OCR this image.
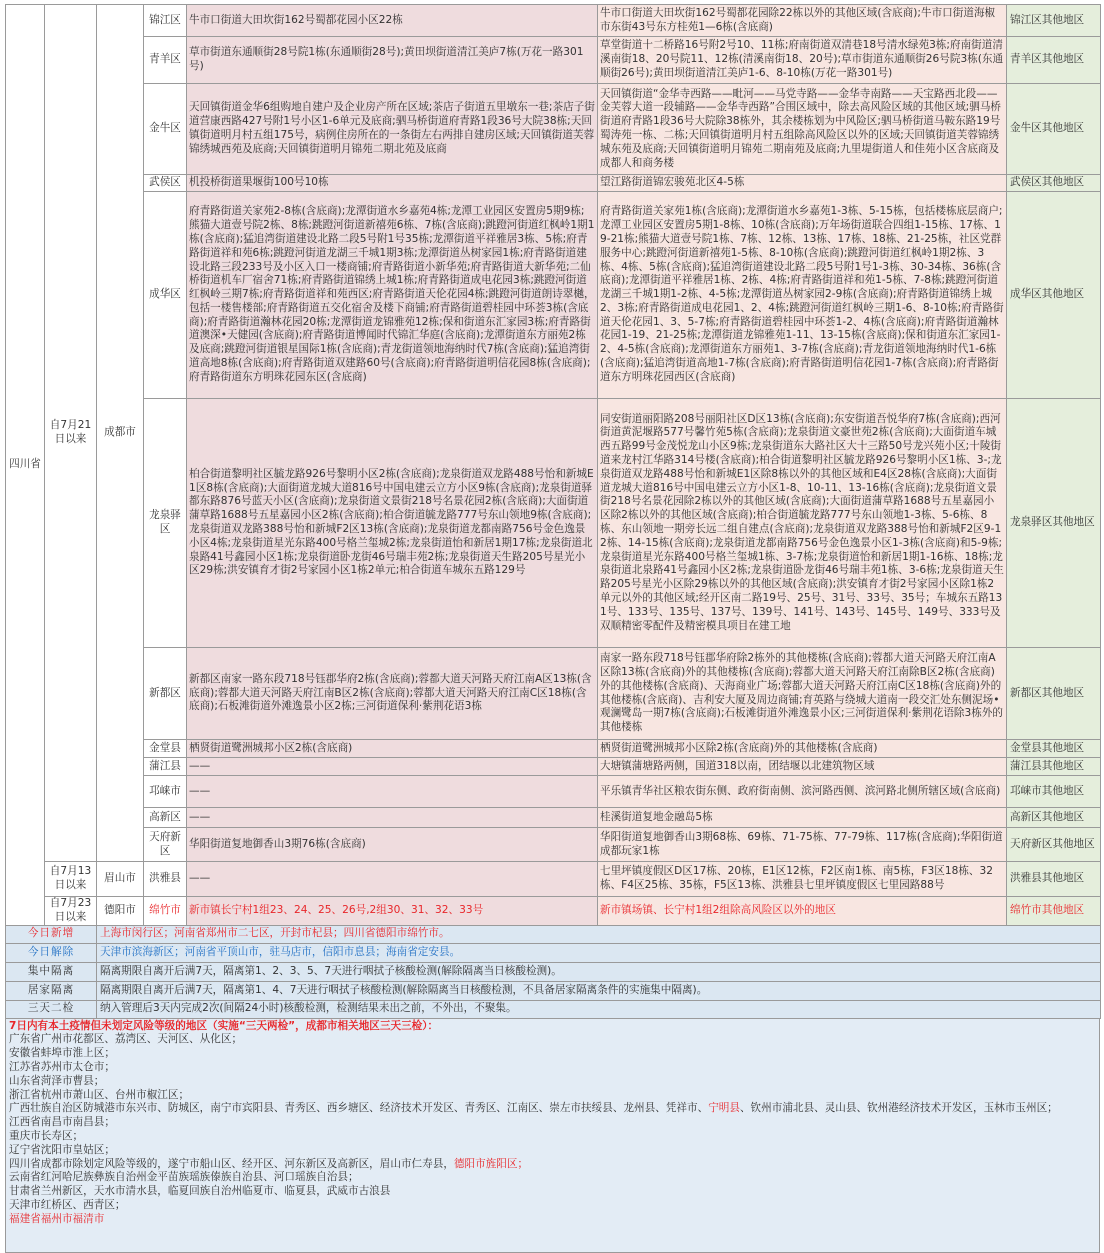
四川省	自7月21日以来	成都市	锦江区	牛市口街道大田坎街162号蜀都花园小区22栋	牛市口街道大田坎街162号蜀都花园除22栋以外的其他区域(含底商);牛市口街道海椒市东街43号东方桂苑1—6栋(含底商)	锦江区其他地区
			青羊区	草市街道东通顺街28号院1栋(东通顺街28号);黄田坝街道清江美庐7栋(万花一路301号)	草堂街道十二桥路16号附2号10、11栋;府南街道双清巷18号清水绿苑3栋;府南街道清溪南街18、20号院11、12栋(清溪南街18、20号);草市街道东通顺街26号院3栋(东通顺街26号);黄田坝街道清江美庐1-6、8-10栋(万花一路301号)	青羊区其他地区
			金牛区	天回镇街道金华6组购地自建户及企业房产所在区域;茶店子街道五里墩东一巷;茶店子街道营康西路427号附1号小区1-6单元及底商;驷马桥街道府青路1段36号大院38栋;天回镇街道明月村五组175号，病例住房所在的一条街左右两排自建房区域;天回镇街道芙蓉锦绣城西苑及底商;天回镇街道明月锦苑二期北苑及底商	天回镇街道“金华寺西路——毗河——马党寺路——金华寺南路——天宝路西北段——金芙蓉大道一段辅路——金华寺西路”合围区域中，除去高风险区域的其他区域;驷马桥街道府青路1段36号大院除38栋外，其余楼栋划为中风险区;驷马桥街道马鞍东路19号蜀涛苑一栋、二栋;天回镇街道明月村五组除高风险区以外的区域;天回镇街道芙蓉锦绣城东苑及底商;天回镇街道明月锦苑二期南苑及底商;九里堤街道人和佳苑小区含底商及成都人和商务楼	金牛区其他地区
			武侯区	机投桥街道果堰街100号10栋	望江路街道锦宏骏苑北区4-5栋	武侯区其他地区
成华区	府青路街道关家苑2-8栋(含底商);龙潭街道水乡嘉苑4栋;龙潭工业园区安置房5期9栋;熊猫大道壹号院2栋、8栋;跳蹬河街道新禧苑6栋、7栋(含底商);跳蹬河街道红枫岭1期1栋(含底商);猛追湾街道建设北路二段5号附1号35栋;龙潭街道平祥雅居3栋、5栋;府青路街道祥和苑6栋;跳蹬河街道龙湖三千城1期3栋;龙潭街道丛树家园1栋;府青路街道建设北路三段233号及小区入口一楼商铺;府青路街道小新华苑;府青路街道大新华苑;二仙桥街道机车厂宿舍71栋;府青路街道锦绣上城1栋;府青路街道成电花园3栋;跳蹬河街道红枫岭三期7栋;府青路街道祥和苑西区;府青路街道天伦花园4栋;跳蹬河街道朗诗翠樾，包括一楼售楼部;府青路街道五交化宿舍及楼下商铺;府青路街道碧桂园中环荟3栋(含底商);府青路街道瀚林花园20栋;龙潭街道龙锦雅苑12栋;保和街道东汇家园3栋;府青路街道澳深•天健园(含底商);府青路街道博闻时代锦汇华庭(含底商);龙潭街道东方丽苑2栋及底商;跳蹬河街道银星国际1栋(含底商);青龙街道领地海纳时代7栋(含底商);猛追湾街道高地8栋(含底商);府青路街道双建路60号(含底商);府青路街道明信花园8栋(含底商);府青路街道东方明珠花园东区(含底商)	府青路街道关家苑1栋(含底商);龙潭街道水乡嘉苑1-3栋、5-15栋，包括楼栋底层商户;龙潭工业园区安置房5期1-8栋、10栋(含底商);万年场街道联合四组1-15栋、17栋、19-21栋;熊猫大道壹号院1栋、7栋、12栋、13栋、17栋、18栋、21-25栋，社区党群服务中心;跳蹬河街道新禧苑1-5栋、8-10栋(含底商);跳蹬河街道红枫岭1期2栋、3栋、4栋、5栋(含底商);猛追湾街道建设北路二段5号附1号1-3栋、30-34栋、36栋(含底商);龙潭街道平祥雅居1栋、2栋、4栋;府青路街道祥和苑1-5栋、7-8栋;跳蹬河街道龙湖三千城1期1-2栋、4-5栋;龙潭街道丛树家园2-9栋(含底商);府青路街道锦绣上城2、3栋;府青路街道成电花园1、2、4栋;跳蹬河街道红枫岭三期1-6、8-10栋;府青路街道天伦花园1、3、5-7栋;府青路街道碧桂园中环荟1-2、4栋(含底商);府青路街道瀚林花园1-19、21-25栋;龙潭街道龙锦雅苑1-11、13-15栋(含底商);保和街道东汇家园1-2、4-5栋(含底商);龙潭街道东方丽苑1、3-7栋(含底商);青龙街道领地海纳时代1-6栋(含底商);猛追湾街道高地1-7栋(含底商);府青路街道明信花园1-7栋(含底商);府青路街道东方明珠花园西区(含底商)	成华区其他地区
龙泉驿区	柏合街道黎明社区毓龙路926号黎明小区2栋(含底商);龙泉街道双龙路488号怡和新城E1区8栋(含底商);大面街道龙城大道816号中国电建云立方小区9栋(含底商);龙泉街道驿都东路876号蓝天小区(含底商);龙泉街道文景街218号名景花园2栋(含底商);大面街道蒲草路1688号五星嘉园小区2栋(含底商);柏合街道毓龙路777号东山领地9栋(含底商);龙泉街道双龙路388号怡和新城F2区13栋(含底商);龙泉街道龙都南路756号金色逸景小区4栋;龙泉街道星光东路400号格兰玺城2栋;龙泉街道怡和新居1期17栋;龙泉街道北泉路41号鑫园小区1栋;龙泉街道卧龙街46号瑞丰苑2栋;龙泉街道天生路205号星光小区29栋;洪安镇育才街2号家园小区1栋2单元;柏合街道车城东五路129号	同安街道丽阳路208号丽阳社区D区13栋(含底商);东安街道吾悦华府7栋(含底商);西河街道黄泥堰路577号馨竹苑5栋(含底商);龙泉街道文豪世苑2栋(含底商);大面街道车城西五路99号金茂悦龙山小区9栋;龙泉街道东大路社区大十三路50号龙兴苑小区;十陵街道来龙村江华路314号楼(含底商);柏合街道黎明社区毓龙路926号黎明小区1栋、3-;龙泉街道双龙路488号怡和新城E1区除8栋以外的其他区域和E4区28栋(含底商);大面街道龙城大道816号中国电建云立方小区1-8、10-11、13-16栋(含底商);龙泉街道文景街218号名景花园除2栋以外的其他区域(含底商);大面街道蒲草路1688号五星嘉园小区除2栋以外的其他区域(含底商);柏合街道毓龙路777号东山领地1-3栋、5-6栋、8栋、东山领地一期旁长远二组自建点(含底商);龙泉街道双龙路388号怡和新城F2区9-12栋、14-15栋(含底商);龙泉街道龙都南路756号金色逸景小区1-3栋(含底商)和5-9栋;龙泉街道星光东路400号格兰玺城1栋、3-7栋;龙泉街道怡和新居1期1-16栋、18栋;龙泉街道北泉路41号鑫园小区2栋;龙泉街道卧龙街46号瑞丰苑1栋、3-6栋;龙泉街道天生路205号星光小区除29栋以外的其他区域(含底商);洪安镇育才街2号家园小区除1栋2单元以外的其他区域;经开区南二路19号、25号、31号、33号、35号；车城东五路131号、133号、135号、137号、139号、141号、143号、145号、149号、333号及双顺精密零配件及精密模具项目在建工地	龙泉驿区其他地区
			新都区	新都区南家一路东段718号钰郡华府2栋(含底商);蓉都大道天河路天府江南A区13栋(含底商);蓉都大道天河路天府江南B区2栋(含底商);蓉都大道天河路天府江南C区18栋(含底商);石板滩街道外滩逸景小区2栋;三河街道保利·紫荆花语3栋	南家一路东段718号钰郡华府除2栋外的其他楼栋(含底商);蓉都大道天河路天府江南A区除13栋(含底商)外的其他楼栋(含底商);蓉都大道天河路天府江南除B区2栋(含底商)外的其他楼栋(含底商)、天海商业广场;蓉都大道天河路天府江南C区18栋(含底商)外的其他楼栋(含底商)、吉利安大厦及周边商铺;育英路与绕城大道南一段交汇处东侧泥场•观澜鹭岛一期7栋(含底商);石板滩街道外滩逸景小区;三河街道保利·紫荆花语除3栋外的其他楼栋	新都区其他地区
			金堂县	栖贤街道鹭洲城邦小区2栋(含底商)	栖贤街道鹭洲城邦小区除2栋(含底商)外的其他楼栋(含底商)	金堂县其他地区
			蒲江县	——	大塘镇蒲塘路两侧，国道318以南，团结堰以北建筑物区域	蒲江县其他地区
			邛崃市	——	平乐镇青华社区粮农街东侧、政府街南侧、滨河路西侧、滨河路北侧所辖区域(含底商)	邛崃市其他地区
			高新区	——	桂溪街道复地金融岛5栋	高新区其他地区
			天府新区	华阳街道复地御香山3期76栋(含底商)	华阳街道复地御香山3期68栋、69栋、71-75栋、77-79栋、117栋(含底商);华阳街道成都玩家1栋	天府新区其他地区
	自7月13日以来	眉山市	洪雅县	——	七里坪镇度假区D区17栋、20栋，E1区12栋，F2区南1栋、南5栋，F3区18栋、32栋、F4区25栋、35栋，F5区13栋、洪雅县七里坪镇度假区七里园路88号	洪雅县其他地区
	自7月23日以来	德阳市	绵竹市	新市镇长宁村1组23、24、25、26号,2组30、31、32、33号	新市镇场镇、长宁村1组2组除高风险区以外的地区	绵竹市其他地区
今日新增		上海市闵行区；河南省郑州市二七区，开封市杞县；四川省德阳市绵竹市。				
今日解除		天津市滨海新区；河南省平顶山市，驻马店市，信阳市息县；海南省定安县。				
集中隔离		隔离期限自离开后满7天，隔离第1、2、3、5、7天进行咽拭子核酸检测(解除隔离当日核酸检测)。				
居家隔离		隔离期限自离开后满7天，隔离第1、4、7天进行咽拭子核酸检测(解除隔离当日核酸检测，不具备居家隔离条件的实施集中隔离)。				
三天二检		纳入管理后3天内完成2次(间隔24小时)核酸检测，检测结果未出之前，不外出，不聚集。				
7日内有本土疫情但未划定风险等级的地区（实施“三天两检”，成都市相关地区三天三检）：
广东省广州市花都区、荔湾区、天河区、从化区；
安徽省蚌埠市淮上区；
江苏省苏州市太仓市；
山东省菏泽市曹县；
浙江省杭州市萧山区、台州市椒江区；
广西壮族自治区防城港市东兴市、防城区，南宁市宾阳县、青秀区、西乡塘区、经济技术开发区、青秀区、江南区、崇左市扶绥县、龙州县、凭祥市、宁明县、钦州市浦北县、灵山县、钦州港经济技术开发区，玉林市玉州区；
江西省南昌市南昌县；
重庆市长寿区；
辽宁省沈阳市皇姑区；
四川省成都市除划定风险等级的，遂宁市船山区、经开区、河东新区及高新区，眉山市仁寿县，德阳市旌阳区；
云南省红河哈尼族彝族自治州金平苗族瑶族傣族自治县、河口瑶族自治县；
甘肃省兰州新区，天水市清水县，临夏回族自治州临夏市、临夏县，武威市古浪县
天津市红桥区、西青区；
福建省福州市福清市
